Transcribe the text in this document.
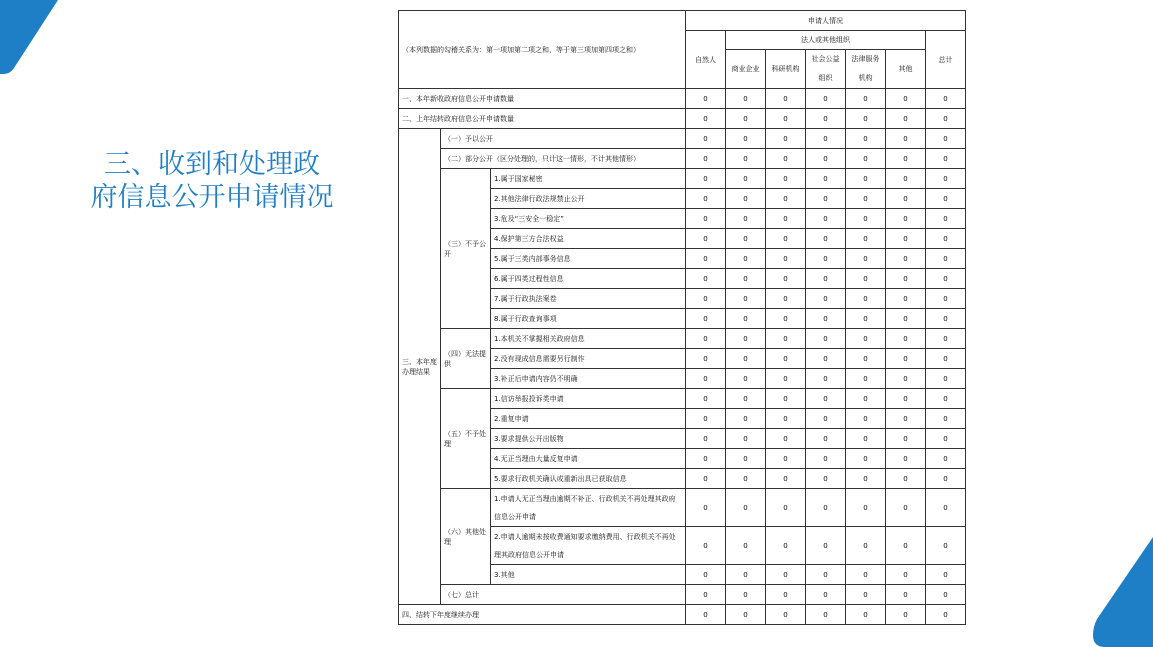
三、收到和处理政
府信息公开申请情况
（本列数据的勾稽关系为：第一项加第二项之和，等于第三项加第四项之和）			申请人情况						
			自然人	法人或其他组织					总计
				商业企业	科研机构	社会公益组织	法律服务机构	其他	
一、本年新收政府信息公开申请数量			0	0	0	0	0	0	0
二、上年结转政府信息公开申请数量			0	0	0	0	0	0	0
三、本年度办理结果	（一）予以公开		0	0	0	0	0	0	0
	（二）部分公开（区分处理的，只计这一情形，不计其他情形）		0	0	0	0	0	0	0
	（三）不予公开	1.属于国家秘密	0	0	0	0	0	0	0
		2.其他法律行政法规禁止公开	0	0	0	0	0	0	0
		3.危及“三安全一稳定”	0	0	0	0	0	0	0
		4.保护第三方合法权益	0	0	0	0	0	0	0
		5.属于三类内部事务信息	0	0	0	0	0	0	0
		6.属于四类过程性信息	0	0	0	0	0	0	0
		7.属于行政执法案卷	0	0	0	0	0	0	0
		8.属于行政查询事项	0	0	0	0	0	0	0
	（四）无法提供	1.本机关不掌握相关政府信息	0	0	0	0	0	0	0
		2.没有现成信息需要另行制作	0	0	0	0	0	0	0
		3.补正后申请内容仍不明确	0	0	0	0	0	0	0
	（五）不予处理	1.信访举报投诉类申请	0	0	0	0	0	0	0
		2.重复申请	0	0	0	0	0	0	0
		3.要求提供公开出版物	0	0	0	0	0	0	0
		4.无正当理由大量反复申请	0	0	0	0	0	0	0
		5.要求行政机关确认或重新出具已获取信息	0	0	0	0	0	0	0
	（六）其他处理	1.申请人无正当理由逾期不补正、行政机关不再处理其政府信息公开申请	0	0	0	0	0	0	0
		2.申请人逾期未按收费通知要求缴纳费用、行政机关不再处理其政府信息公开申请	0	0	0	0	0	0	0
		3.其他	0	0	0	0	0	0	0
	（七）总计		0	0	0	0	0	0	0
四、结转下年度继续办理			0	0	0	0	0	0	0
